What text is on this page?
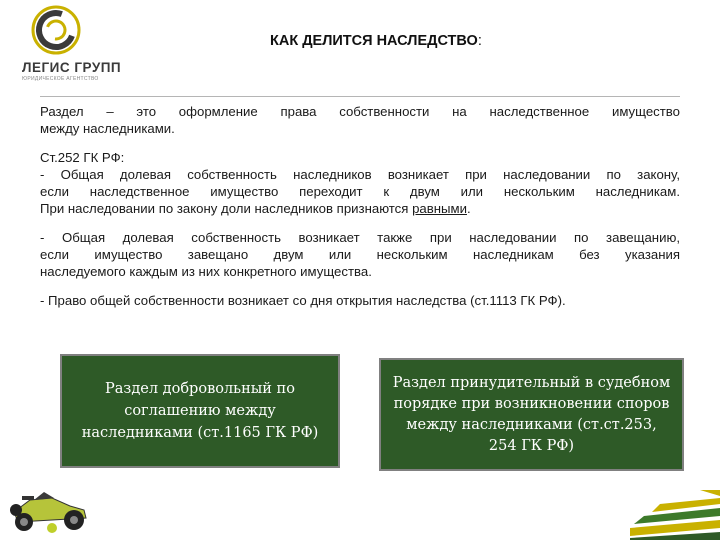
ЛЕГИС ГРУПП
ЮРИДИЧЕСКОЕ АГЕНТСТВО
КАК ДЕЛИТСЯ НАСЛЕДСТВО:

Раздел – это оформление права собственности на наследственное имущество

между наследниками.

Ст.252 ГК РФ:

- Общая долевая собственность наследников возникает при наследовании по закону,

если наследственное имущество переходит к двум или нескольким наследникам.

При наследовании по закону доли наследников признаются равными.

- Общая долевая собственность возникает также при наследовании по завещанию,

если имущество завещано двум или нескольким наследникам без указания

наследуемого каждым из них конкретного имущества.

- Право общей собственности возникает со дня открытия наследства (ст.1113 ГК РФ).

Раздел добровольный по соглашению между наследниками (ст.1165 ГК РФ)
Раздел принудительный в судебном порядке при возникновении споров между наследниками (ст.ст.253, 254 ГК РФ)
